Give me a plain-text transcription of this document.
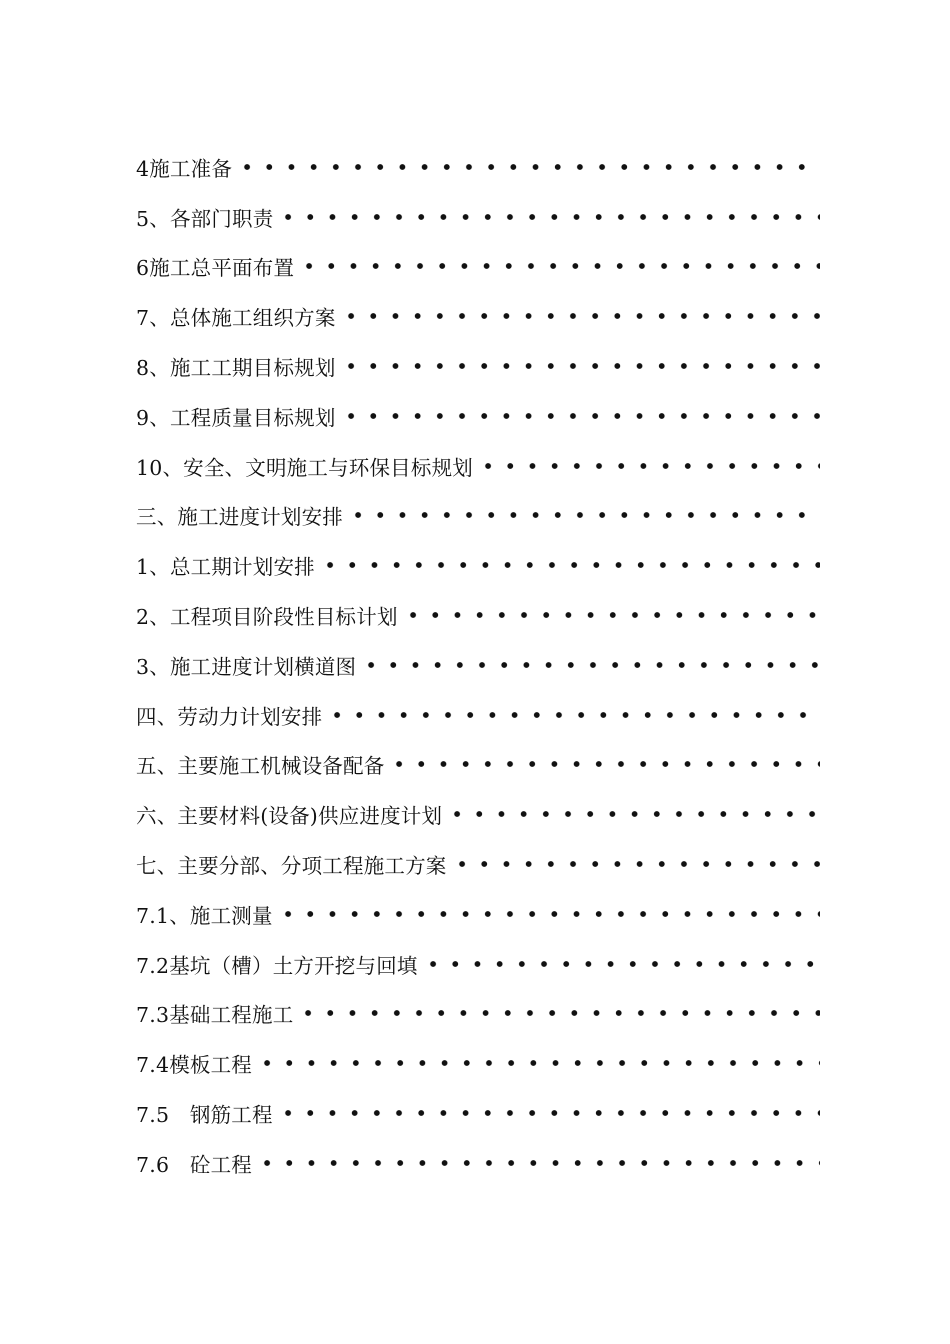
4施工准备
5、各部门职责
6施工总平面布置
7、总体施工组织方案
8、施工工期目标规划
9、工程质量目标规划
10、安全、文明施工与环保目标规划
三、施工进度计划安排
1、总工期计划安排
2、工程项目阶段性目标计划
3、施工进度计划横道图
四、劳动力计划安排
五、主要施工机械设备配备
六、主要材料(设备)供应进度计划
七、主要分部、分项工程施工方案
7.1、施工测量
7.2基坑（槽）土方开挖与回填
7.3基础工程施工
7.4模板工程
7.5　钢筋工程
7.6　砼工程
